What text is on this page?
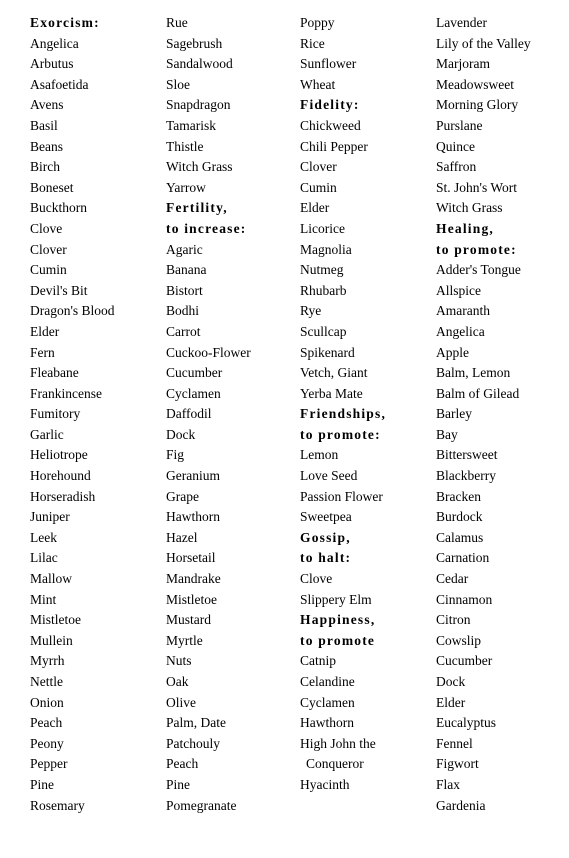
Exorcism:
Angelica
Arbutus
Asafoetida
Avens
Basil
Beans
Birch
Boneset
Buckthorn
Clove
Clover
Cumin
Devil's Bit
Dragon's Blood
Elder
Fern
Fleabane
Frankincense
Fumitory
Garlic
Heliotrope
Horehound
Horseradish
Juniper
Leek
Lilac
Mallow
Mint
Mistletoe
Mullein
Myrrh
Nettle
Onion
Peach
Peony
Pepper
Pine
Rosemary
Rue
Sagebrush
Sandalwood
Sloe
Snapdragon
Tamarisk
Thistle
Witch Grass
Yarrow
Fertility,
to increase:
Agaric
Banana
Bistort
Bodhi
Carrot
Cuckoo-Flower
Cucumber
Cyclamen
Daffodil
Dock
Fig
Geranium
Grape
Hawthorn
Hazel
Horsetail
Mandrake
Mistletoe
Mustard
Myrtle
Nuts
Oak
Olive
Palm, Date
Patchouly
Peach
Pine
Pomegranate
Poppy
Rice
Sunflower
Wheat
Fidelity:
Chickweed
Chili Pepper
Clover
Cumin
Elder
Licorice
Magnolia
Nutmeg
Rhubarb
Rye
Scullcap
Spikenard
Vetch, Giant
Yerba Mate
Friendships,
to promote:
Lemon
Love Seed
Passion Flower
Sweetpea
Gossip,
to halt:
Clove
Slippery Elm
Happiness,
to promote
Catnip
Celandine
Cyclamen
Hawthorn
High John the
Conqueror
Hyacinth
Lavender
Lily of the Valley
Marjoram
Meadowsweet
Morning Glory
Purslane
Quince
Saffron
St. John's Wort
Witch Grass
Healing,
to promote:
Adder's Tongue
Allspice
Amaranth
Angelica
Apple
Balm, Lemon
Balm of Gilead
Barley
Bay
Bittersweet
Blackberry
Bracken
Burdock
Calamus
Carnation
Cedar
Cinnamon
Citron
Cowslip
Cucumber
Dock
Elder
Eucalyptus
Fennel
Figwort
Flax
Gardenia
